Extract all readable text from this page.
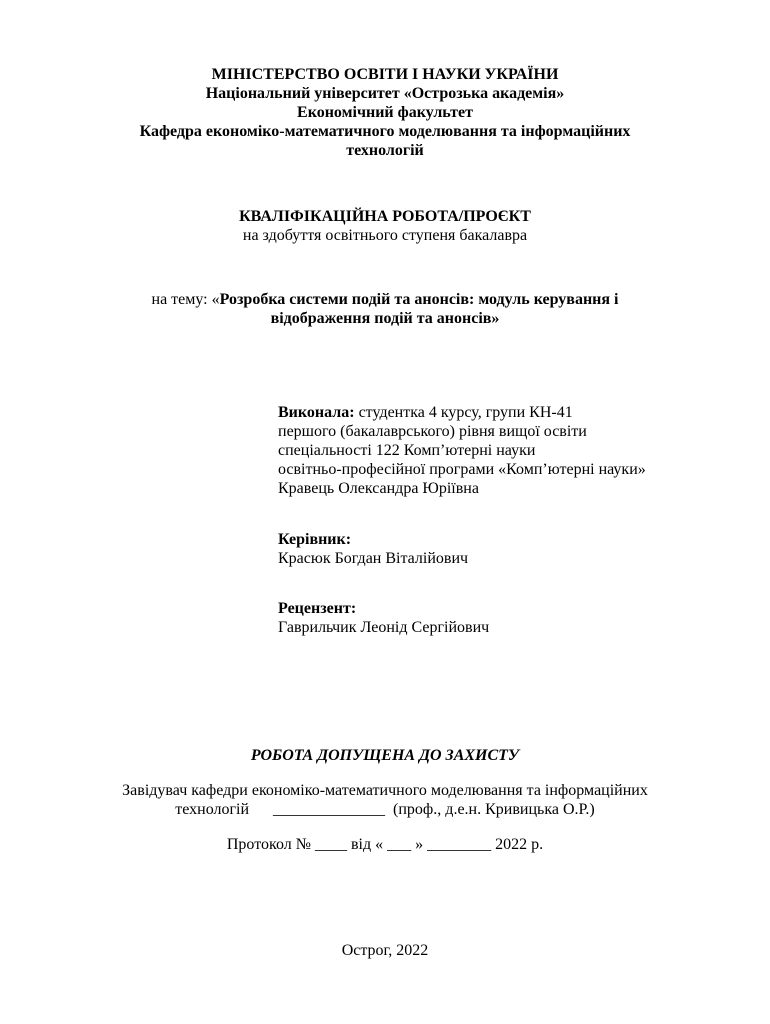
МІНІСТЕРСТВО ОСВІТИ І НАУКИ УКРАЇНИ
Національний університет «Острозька академія»
Економічний факультет
Кафедра економіко-математичного моделювання та інформаційних
технологій
КВАЛІФІКАЦІЙНА РОБОТА/ПРОЄКТ
на здобуття освітнього ступеня бакалавра
на тему: «Розробка системи подій та анонсів: модуль керування і
відображення подій та анонсів»
Виконала: студентка 4 курсу, групи КН-41
першого (бакалаврського) рівня вищої освіти
спеціальності 122 Комп’ютерні науки
освітньо-професійної програми «Комп’ютерні науки»
Кравець Олександра Юріївна
Керівник:
Красюк Богдан Віталійович
Рецензент:
Гаврильчик Леонід Сергійович
РОБОТА ДОПУЩЕНА ДО ЗАХИСТУ
Завідувач кафедри економіко-математичного моделювання та інформаційних
технологій      ______________  (проф., д.е.н. Кривицька О.Р.)
Протокол № ____ від « ___ » ________ 2022 р.
Острог, 2022
